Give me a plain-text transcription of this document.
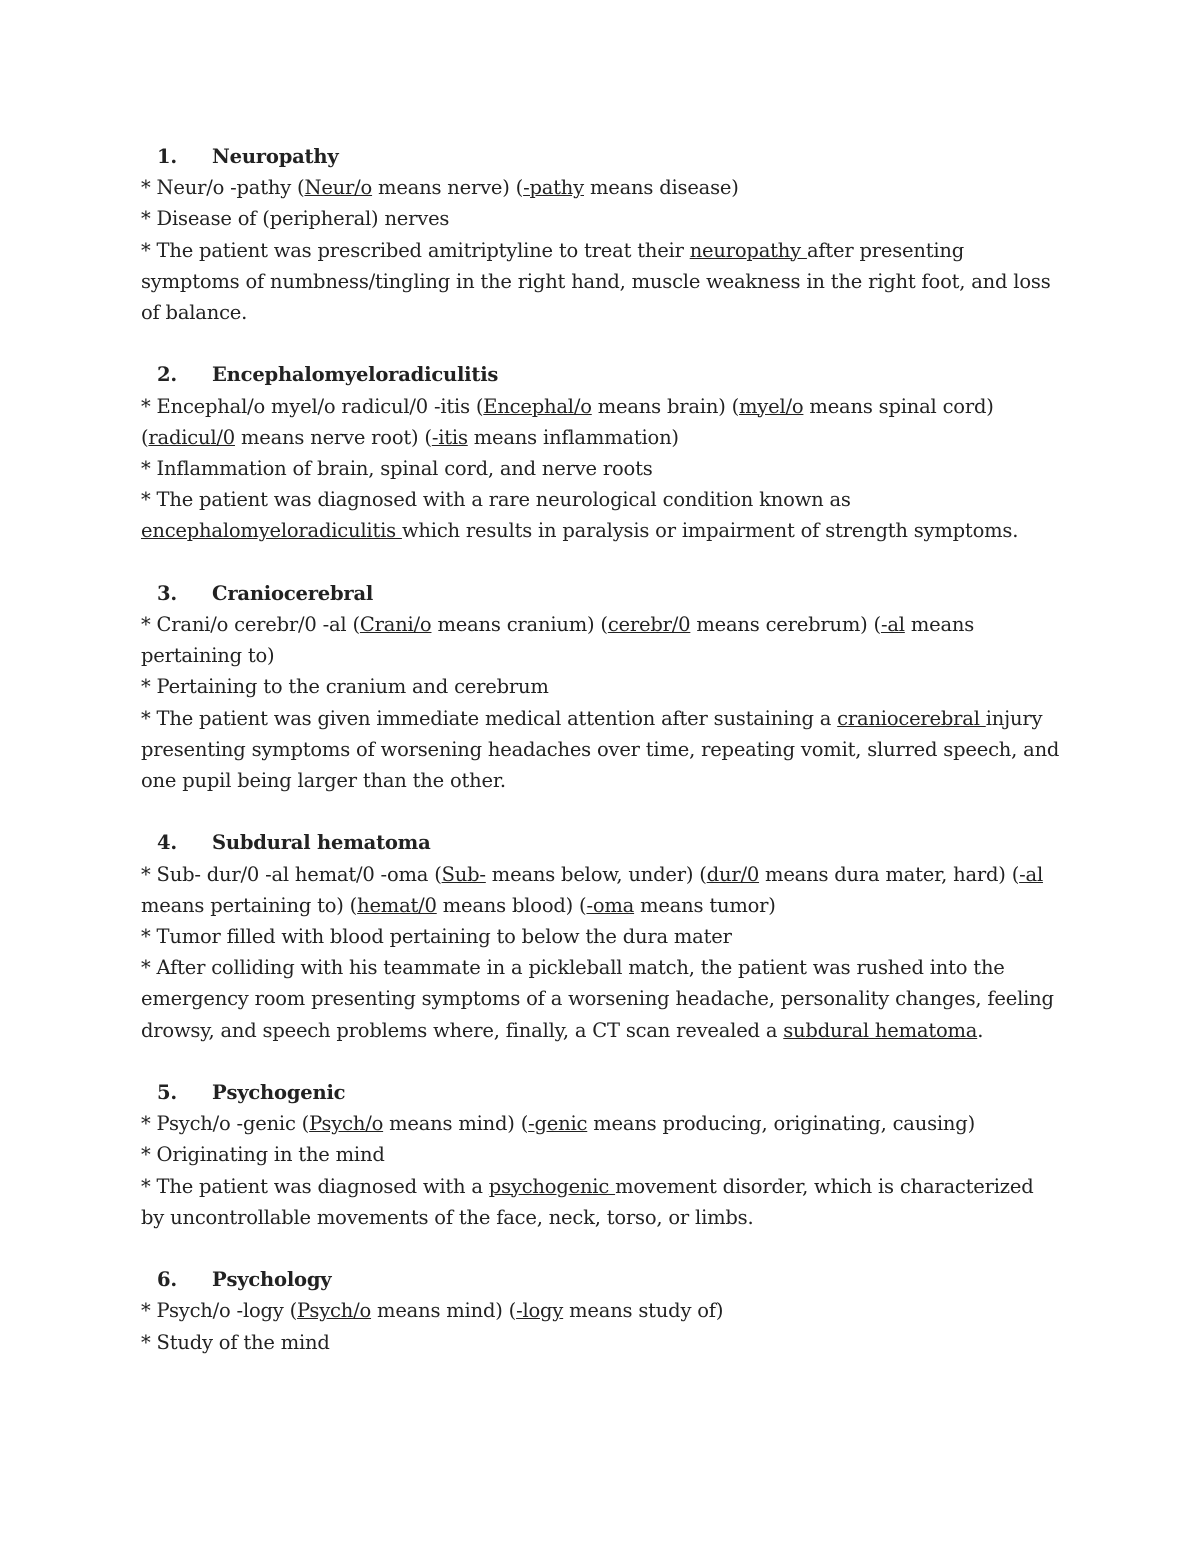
1. Neuropathy
* Neur/o -pathy (Neur/o means nerve) (-pathy means disease)
* Disease of (peripheral) nerves
* The patient was prescribed amitriptyline to treat their neuropathy after presenting symptoms of numbness/tingling in the right hand, muscle weakness in the right foot, and loss of balance.
2. Encephalomyeloradiculitis
* Encephal/o myel/o radicul/0 -itis (Encephal/o means brain) (myel/o means spinal cord) (radicul/0 means nerve root) (-itis means inflammation)
* Inflammation of brain, spinal cord, and nerve roots
* The patient was diagnosed with a rare neurological condition known as encephalomyeloradiculitis which results in paralysis or impairment of strength symptoms.
3. Craniocerebral
* Crani/o cerebr/0 -al (Crani/o means cranium) (cerebr/0 means cerebrum) (-al means pertaining to)
* Pertaining to the cranium and cerebrum
* The patient was given immediate medical attention after sustaining a craniocerebral injury presenting symptoms of worsening headaches over time, repeating vomit, slurred speech, and one pupil being larger than the other.
4. Subdural hematoma
* Sub- dur/0 -al hemat/0 -oma (Sub- means below, under) (dur/0 means dura mater, hard) (-al means pertaining to) (hemat/0 means blood) (-oma means tumor)
* Tumor filled with blood pertaining to below the dura mater
* After colliding with his teammate in a pickleball match, the patient was rushed into the emergency room presenting symptoms of a worsening headache, personality changes, feeling drowsy, and speech problems where, finally, a CT scan revealed a subdural hematoma.
5. Psychogenic
* Psych/o -genic (Psych/o means mind) (-genic means producing, originating, causing)
* Originating in the mind
* The patient was diagnosed with a psychogenic movement disorder, which is characterized by uncontrollable movements of the face, neck, torso, or limbs.
6. Psychology
* Psych/o -logy (Psych/o means mind) (-logy means study of)
* Study of the mind
